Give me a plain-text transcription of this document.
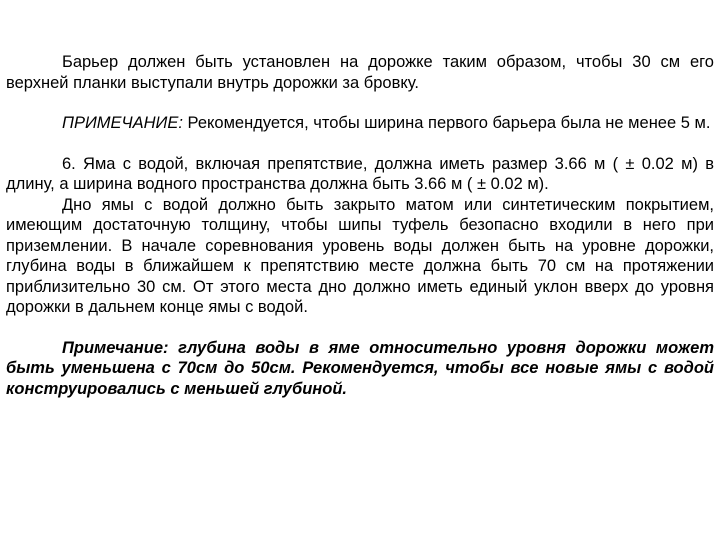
Барьер должен быть установлен на дорожке таким образом, чтобы 30 см его верхней планки выступали внутрь дорожки за бровку.

ПРИМЕЧАНИЕ: Рекомендуется, чтобы ширина первого барьера была не менее 5 м.

6. Яма с водой, включая препятствие, должна иметь размер 3.66 м ( ± 0.02 м) в длину, а ширина водного пространства должна быть 3.66 м ( ± 0.02 м).

Дно ямы с водой должно быть закрыто матом или синтетическим покрытием, имеющим достаточную толщину, чтобы шипы туфель безопасно входили в него при приземлении. В начале соревнования уровень воды должен быть на уровне дорожки, глубина воды в ближайшем к препятствию месте должна быть 70 см на протяжении приблизительно 30 см. От этого места дно должно иметь единый уклон вверх до уровня дорожки в дальнем конце ямы с водой.

Примечание: глубина воды в яме относительно уровня дорожки может быть уменьшена с 70см до 50см. Рекомендуется, чтобы все новые ямы с водой конструировались с меньшей глубиной.
